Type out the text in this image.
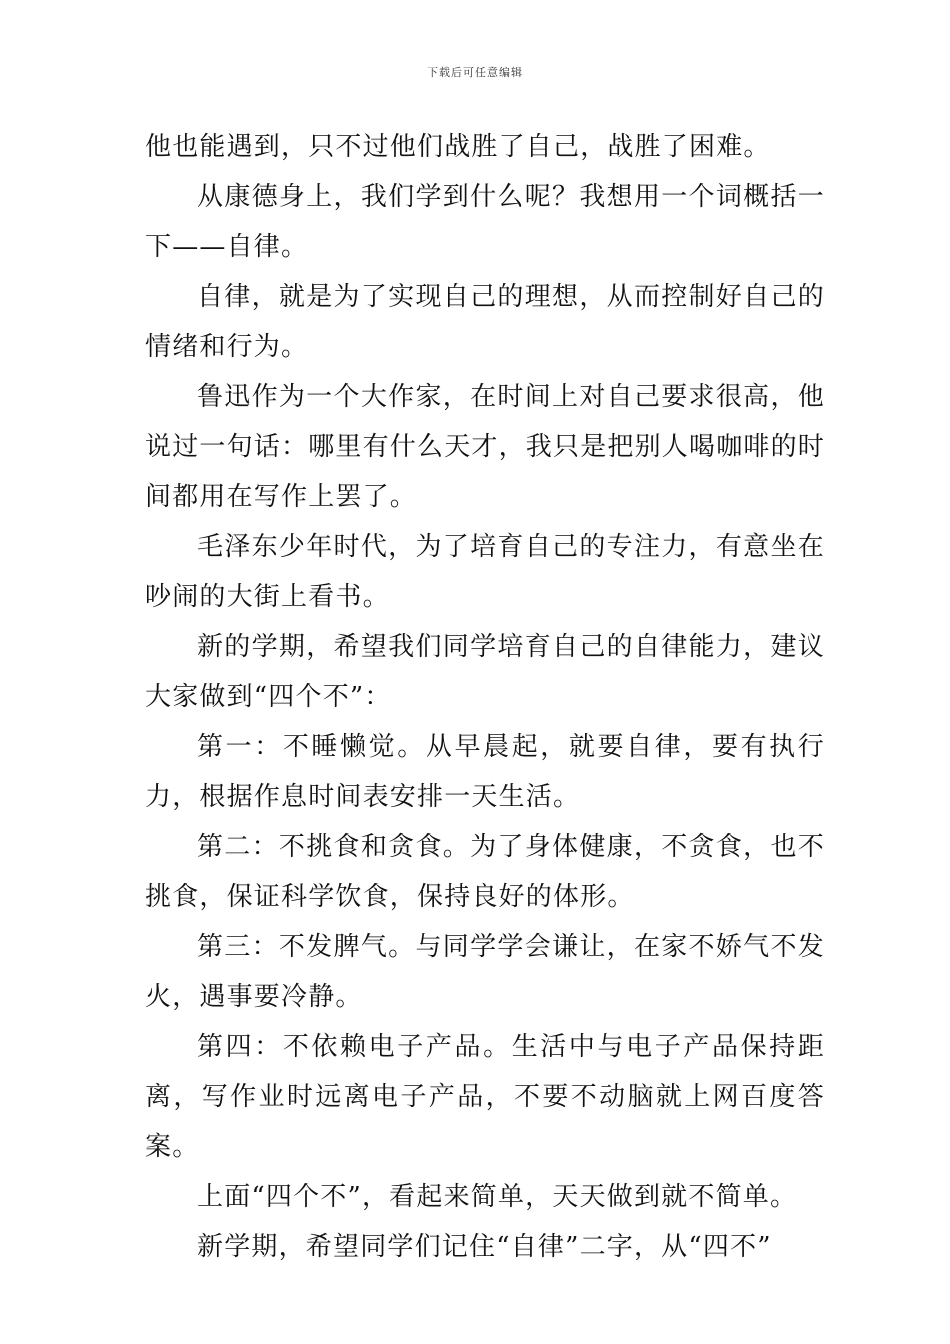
下载后可任意编辑

他也能遇到，只不过他们战胜了自己，战胜了困难。

从康德身上，我们学到什么呢？我想用一个词概括一下——自律。

自律，就是为了实现自己的理想，从而控制好自己的情绪和行为。

鲁迅作为一个大作家，在时间上对自己要求很高，他说过一句话：哪里有什么天才，我只是把别人喝咖啡的时间都用在写作上罢了。

毛泽东少年时代，为了培育自己的专注力，有意坐在吵闹的大街上看书。

新的学期，希望我们同学培育自己的自律能力，建议大家做到“四个不”：

第一：不睡懒觉。从早晨起，就要自律，要有执行力，根据作息时间表安排一天生活。

第二：不挑食和贪食。为了身体健康，不贪食，也不挑食，保证科学饮食，保持良好的体形。

第三：不发脾气。与同学学会谦让，在家不娇气不发火，遇事要冷静。

第四：不依赖电子产品。生活中与电子产品保持距离，写作业时远离电子产品，不要不动脑就上网百度答案。

上面“四个不”，看起来简单，天天做到就不简单。

新学期，希望同学们记住“自律”二字，从“四不”
